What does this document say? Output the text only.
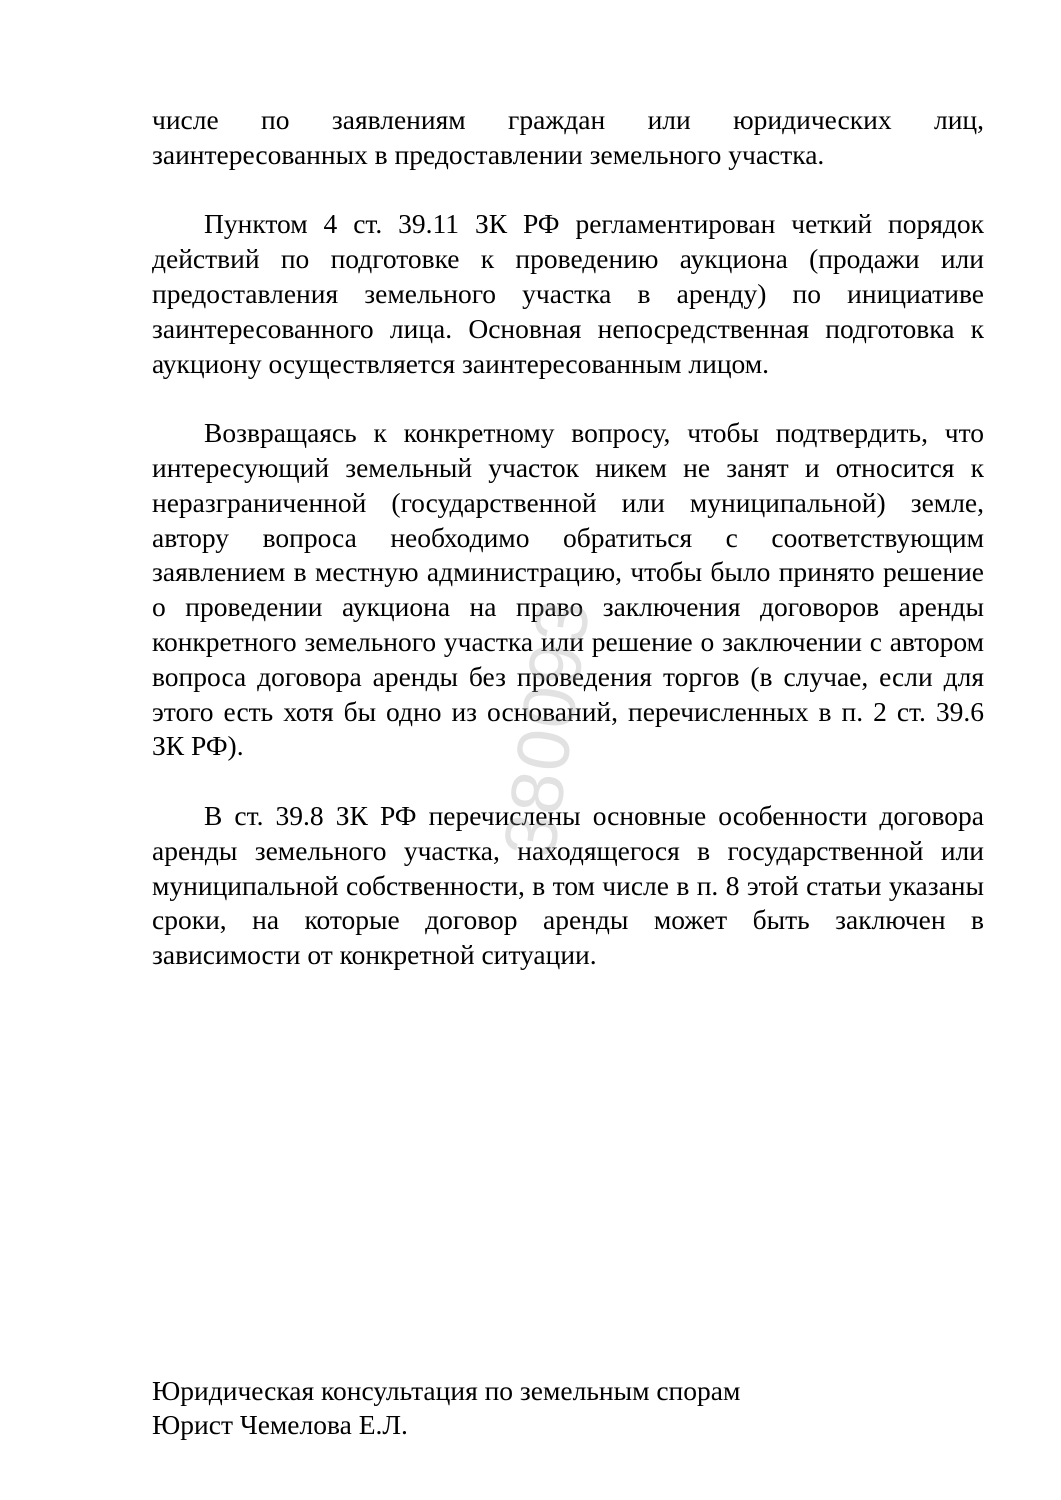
числе по заявлениям граждан или юридических лиц, заинтересованных в предоставлении земельного участка.

Пунктом 4 ст. 39.11 ЗК РФ регламентирован четкий порядок действий по подготовке к проведению аукциона (продажи или предоставления земельного участка в аренду) по инициативе заинтересованного лица. Основная непосредственная подготовка к аукциону осуществляется заинтересованным лицом.

Возвращаясь к конкретному вопросу, чтобы подтвердить, что интересующий земельный участок никем не занят и относится к неразграниченной (государственной или муниципальной) земле, автору вопроса необходимо обратиться с соответствующим заявлением в местную администрацию, чтобы было принято решение о проведении аукциона на право заключения договоров аренды конкретного земельного участка или решение о заключении с автором вопроса договора аренды без проведения торгов (в случае, если для этого есть хотя бы одно из оснований, перечисленных в п. 2 ст. 39.6 ЗК РФ).

В ст. 39.8 ЗК РФ перечислены основные особенности договора аренды земельного участка, находящегося в государственной или муниципальной собственности, в том числе в п. 8 этой статьи указаны сроки, на которые договор аренды может быть заключен в зависимости от конкретной ситуации.

Юридическая консультация по земельным спорам
Юрист Чемелова Е.Л.
380093
